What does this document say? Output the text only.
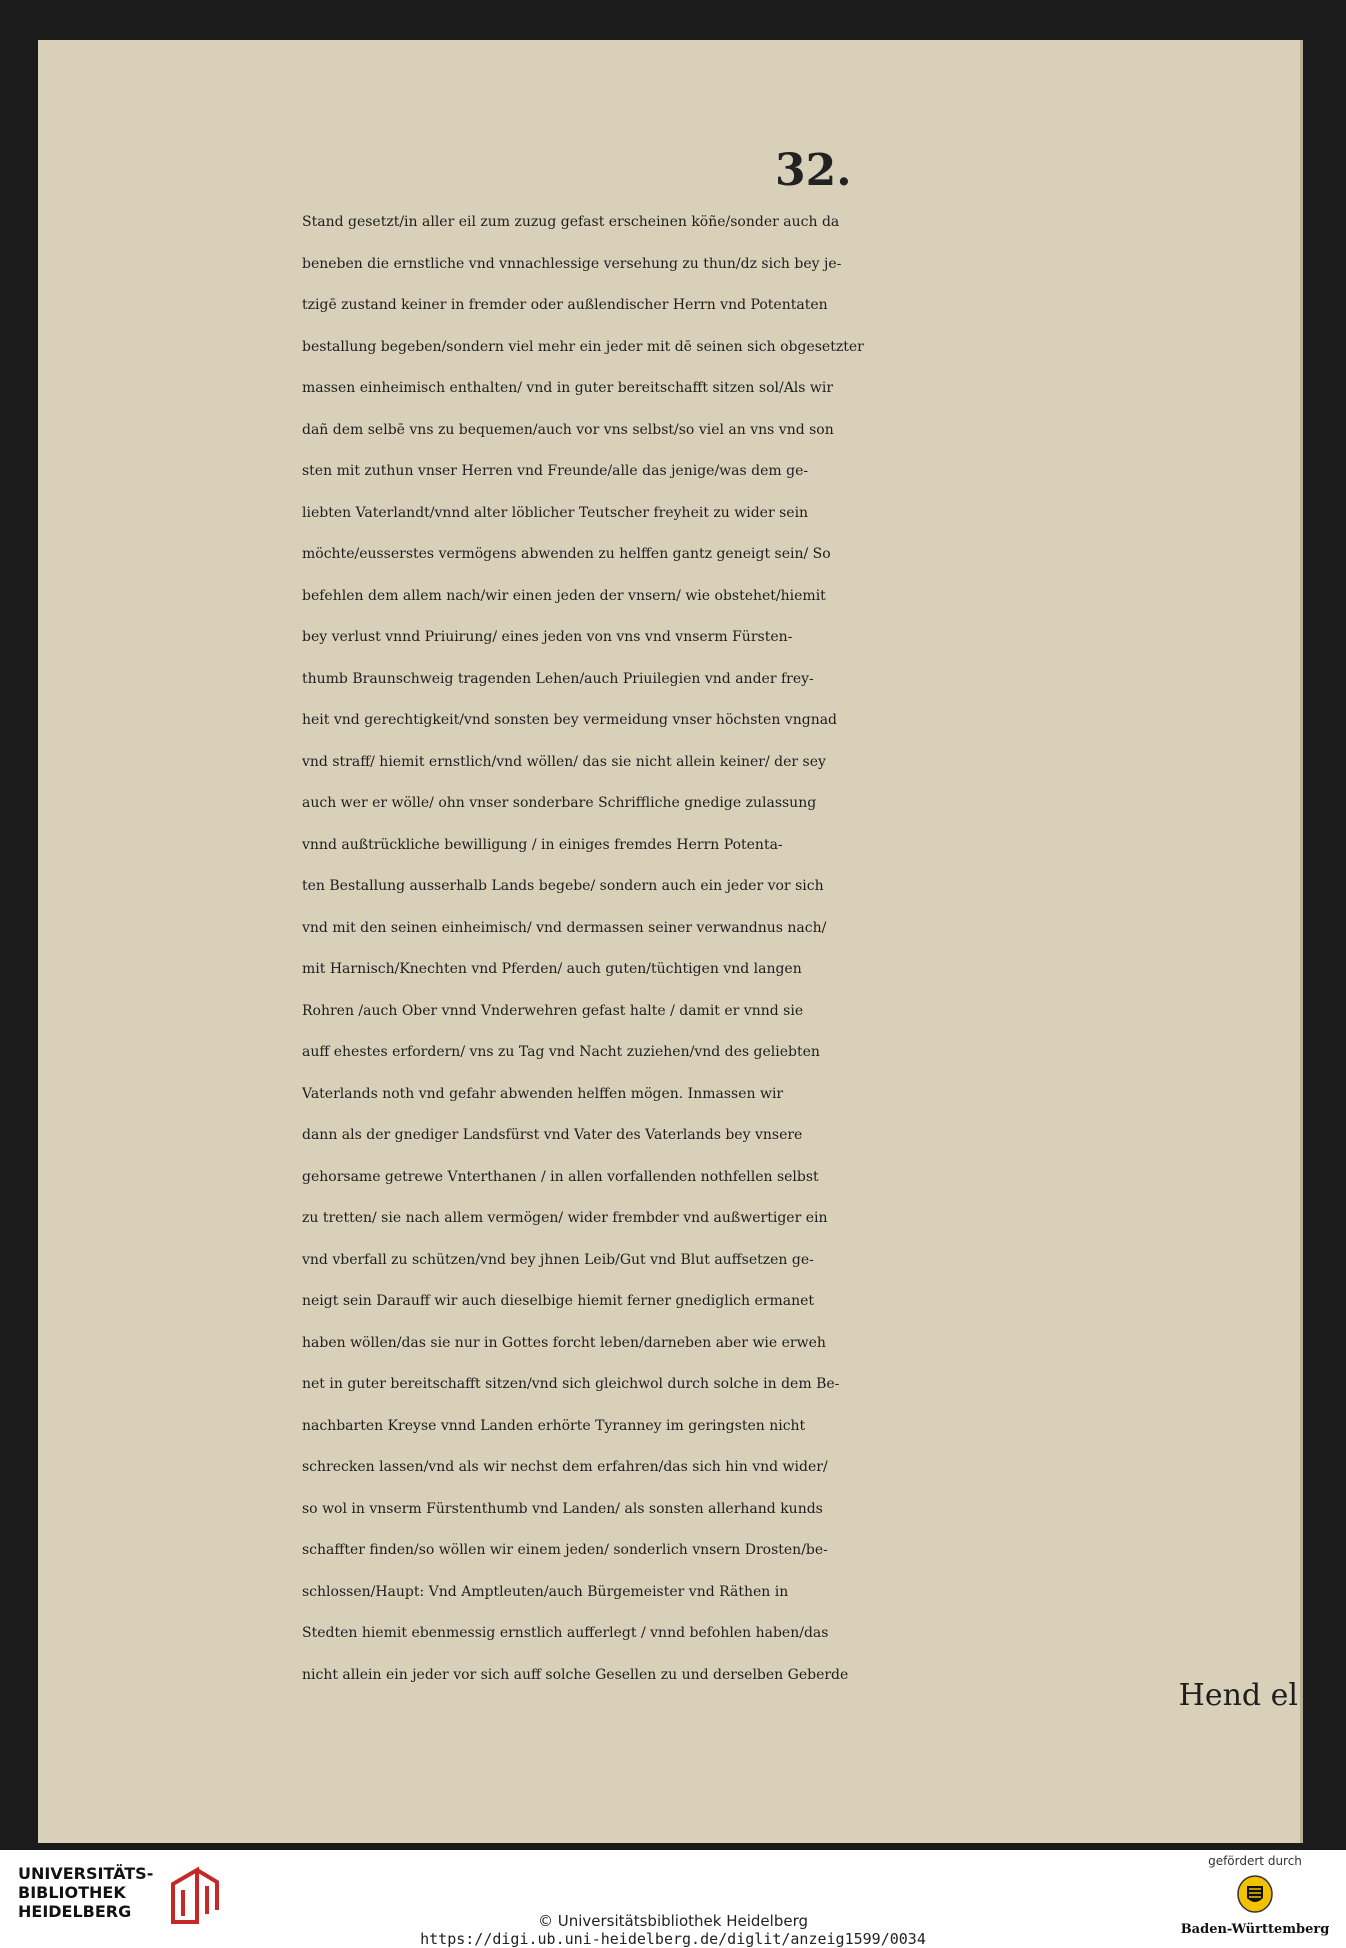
32.
Stand gesetzt/in aller eil zum zuzug gefast erscheinen köñe/sonder auch da
beneben die ernstliche vnd vnnachlessige versehung zu thun/dz sich bey je-
tzigē zustand keiner in fremder oder außlendischer Herrn vnd Potentaten
bestallung begeben/sondern viel mehr ein jeder mit dē seinen sich obgesetzter
massen einheimisch enthalten/ vnd in guter bereitschafft sitzen sol/Als wir
dañ dem selbē vns zu bequemen/auch vor vns selbst/so viel an vns vnd son
sten mit zuthun vnser Herren vnd Freunde/alle das jenige/was dem ge-
liebten Vaterlandt/vnnd alter löblicher Teutscher freyheit zu wider sein
möchte/eusserstes vermögens abwenden zu helffen gantz geneigt sein/ So
befehlen dem allem nach/wir einen jeden der vnsern/ wie obstehet/hiemit
bey verlust vnnd Priuirung/ eines jeden von vns vnd vnserm Fürsten-
thumb Braunschweig tragenden Lehen/auch Priuilegien vnd ander frey-
heit vnd gerechtigkeit/vnd sonsten bey vermeidung vnser höchsten vngnad
vnd straff/ hiemit ernstlich/vnd wöllen/ das sie nicht allein keiner/ der sey
auch wer er wölle/ ohn vnser sonderbare Schriffliche gnedige zulassung
vnnd außtrückliche bewilligung / in einiges fremdes Herrn Potenta-
ten Bestallung ausserhalb Lands begebe/ sondern auch ein jeder vor sich
vnd mit den seinen einheimisch/ vnd dermassen seiner verwandnus nach/
mit Harnisch/Knechten vnd Pferden/ auch guten/tüchtigen vnd langen
Rohren /auch Ober vnnd Vnderwehren gefast halte / damit er vnnd sie
auff ehestes erfordern/ vns zu Tag vnd Nacht zuziehen/vnd des geliebten
Vaterlands noth vnd gefahr abwenden helffen mögen. Inmassen wir
dann als der gnediger Landsfürst vnd Vater des Vaterlands bey vnsere
gehorsame getrewe Vnterthanen / in allen vorfallenden nothfellen selbst
zu tretten/ sie nach allem vermögen/ wider frembder vnd außwertiger ein
vnd vberfall zu schützen/vnd bey jhnen Leib/Gut vnd Blut auffsetzen ge-
neigt sein Darauff wir auch dieselbige hiemit ferner gnediglich ermanet
haben wöllen/das sie nur in Gottes forcht leben/darneben aber wie erweh
net in guter bereitschafft sitzen/vnd sich gleichwol durch solche in dem Be-
nachbarten Kreyse vnnd Landen erhörte Tyranney im geringsten nicht
schrecken lassen/vnd als wir nechst dem erfahren/das sich hin vnd wider/
so wol in vnserm Fürstenthumb vnd Landen/ als sonsten allerhand kunds
schaffter finden/so wöllen wir einem jeden/ sonderlich vnsern Drosten/be-
schlossen/Haupt: Vnd Amptleuten/auch Bürgemeister vnd Räthen in
Stedten hiemit ebenmessig ernstlich aufferlegt / vnnd befohlen haben/das
nicht allein ein jeder vor sich auff solche Gesellen zu und derselben Geberde
Hend el
UNIVERSITÄTS-
BIBLIOTHEK
HEIDELBERG	© Universitätsbibliothek Heidelberg
https://digi.ub.uni-heidelberg.de/diglit/anzeig1599/0034
gefördert durch
Baden-Württemberg
